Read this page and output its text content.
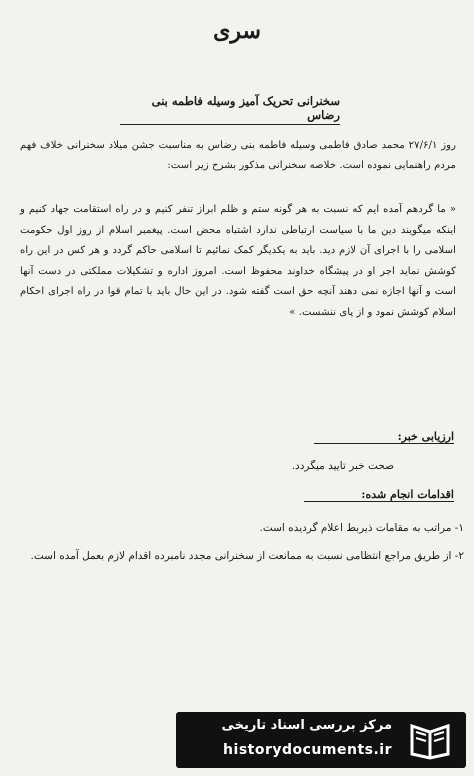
سری
سخنرانی تحریک آمیز وسیله فاطمه بنی رضاس
روز ۲۷/۶/۱ محمد صادق فاطمی وسیله فاطمه بنی رضاس به مناسبت جشن میلاد سخنرانی خلاف فهم مردم راهنمایی نموده است. خلاصه سخنرانی مذکور بشرح زیر است:
« ما گردهم آمده ایم که نسبت به هر گونه ستم و ظلم ابراز تنفر کنیم و در راه استقامت جهاد کنیم و اینکه میگویند دین ما با سیاست ارتباطی ندارد اشتباه محض است. پیغمبر اسلام از روز اول حکومت اسلامی را با اجرای آن لازم دید. باید به یکدیگر کمک نمائیم تا اسلامی حاکم گردد و هر کس در این راه کوشش نماید اجر او در پیشگاه خداوند محفوظ است. امروز اداره و تشکیلات مملکتی در دست آنها است و آنها اجازه نمی دهند آنچه حق است گفته شود. در این حال باید با تمام قوا در راه اجرای احکام اسلام کوشش نمود و از پای ننشست. »
ارزیابی خبر:
صحت خبر تایید میگردد.
اقدامات انجام شده:
۱- مراتب به مقامات ذیربط اعلام گردیده است.
۲- از طریق مراجع انتظامی نسبت به ممانعت از سخنرانی مجدد نامبرده اقدام لازم بعمل آمده است.
مرکز بررسی اسناد تاریخی
historydocuments.ir
